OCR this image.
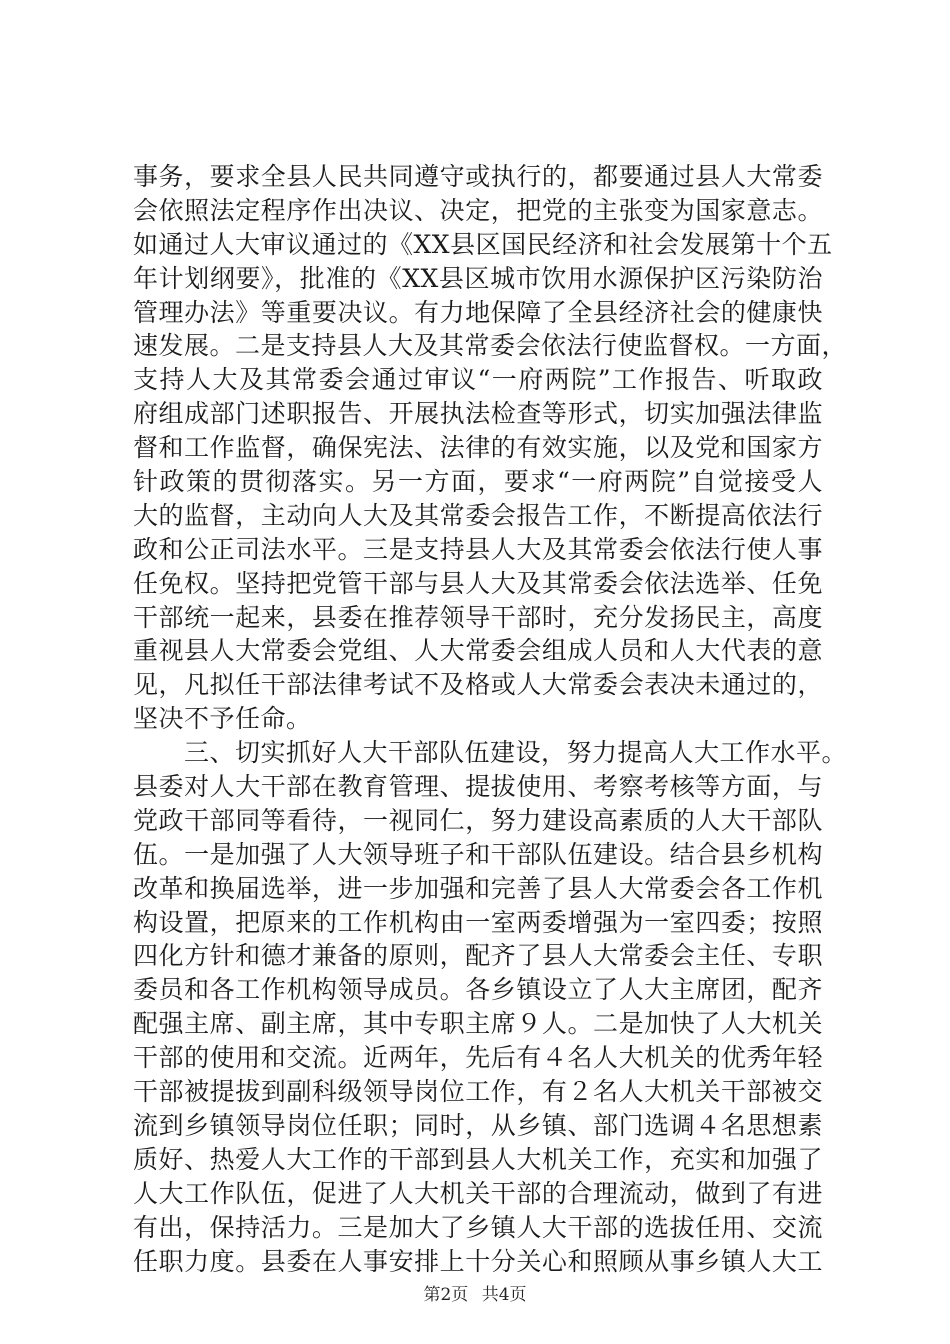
事务，要求全县人民共同遵守或执行的，都要通过县人大常委
会依照法定程序作出决议、决定，把党的主张变为国家意志。
如通过人大审议通过的《XX县区国民经济和社会发展第十个五
年计划纲要》，批准的《XX县区城市饮用水源保护区污染防治
管理办法》等重要决议。有力地保障了全县经济社会的健康快
速发展。二是支持县人大及其常委会依法行使监督权。一方面，
支持人大及其常委会通过审议“一府两院”工作报告、听取政
府组成部门述职报告、开展执法检查等形式，切实加强法律监
督和工作监督，确保宪法、法律的有效实施，以及党和国家方
针政策的贯彻落实。另一方面，要求“一府两院”自觉接受人
大的监督，主动向人大及其常委会报告工作，不断提高依法行
政和公正司法水平。三是支持县人大及其常委会依法行使人事
任免权。坚持把党管干部与县人大及其常委会依法选举、任免
干部统一起来，县委在推荐领导干部时，充分发扬民主，高度
重视县人大常委会党组、人大常委会组成人员和人大代表的意
见，凡拟任干部法律考试不及格或人大常委会表决未通过的，
坚决不予任命。
　　三、切实抓好人大干部队伍建设，努力提高人大工作水平。
县委对人大干部在教育管理、提拔使用、考察考核等方面，与
党政干部同等看待，一视同仁，努力建设高素质的人大干部队
伍。一是加强了人大领导班子和干部队伍建设。结合县乡机构
改革和换届选举，进一步加强和完善了县人大常委会各工作机
构设置，把原来的工作机构由一室两委增强为一室四委；按照
四化方针和德才兼备的原则，配齐了县人大常委会主任、专职
委员和各工作机构领导成员。各乡镇设立了人大主席团，配齐
配强主席、副主席，其中专职主席９人。二是加快了人大机关
干部的使用和交流。近两年，先后有４名人大机关的优秀年轻
干部被提拔到副科级领导岗位工作，有２名人大机关干部被交
流到乡镇领导岗位任职；同时，从乡镇、部门选调４名思想素
质好、热爱人大工作的干部到县人大机关工作，充实和加强了
人大工作队伍，促进了人大机关干部的合理流动，做到了有进
有出，保持活力。三是加大了乡镇人大干部的选拔任用、交流
任职力度。县委在人事安排上十分关心和照顾从事乡镇人大工
第2页 共4页
